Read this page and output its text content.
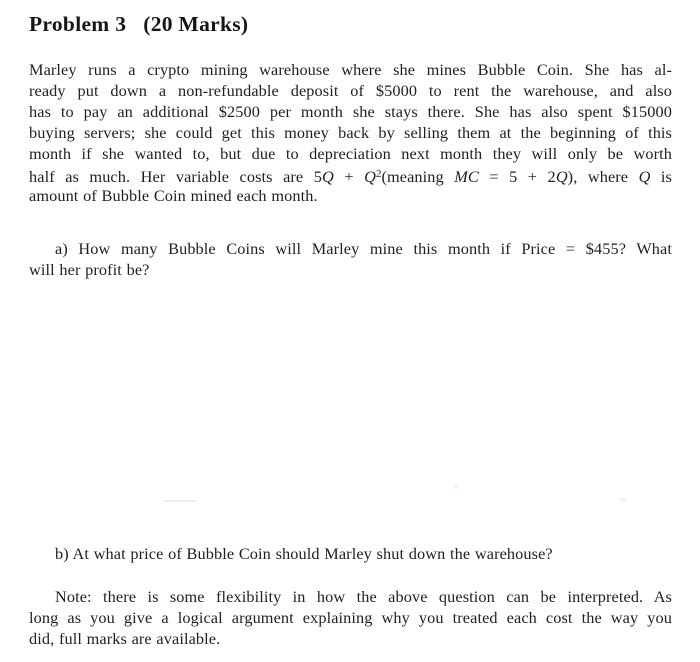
Problem 3   (20 Marks)
Marley runs a crypto mining warehouse where she mines Bubble Coin. She has al-
ready put down a non-refundable deposit of $5000 to rent the warehouse, and also
has to pay an additional $2500 per month she stays there. She has also spent $15000
buying servers; she could get this money back by selling them at the beginning of this
month if she wanted to, but due to depreciation next month they will only be worth
half as much. Her variable costs are $5Q + Q^2(meaning$ MC = 5 + 2Q), where Q is
amount of Bubble Coin mined each month.
a) How many Bubble Coins will Marley mine this month if Price = $455? What
will her profit be?
b) At what price of Bubble Coin should Marley shut down the warehouse?
Note: there is some flexibility in how the above question can be interpreted. As
long as you give a logical argument explaining why you treated each cost the way you
did, full marks are available.
